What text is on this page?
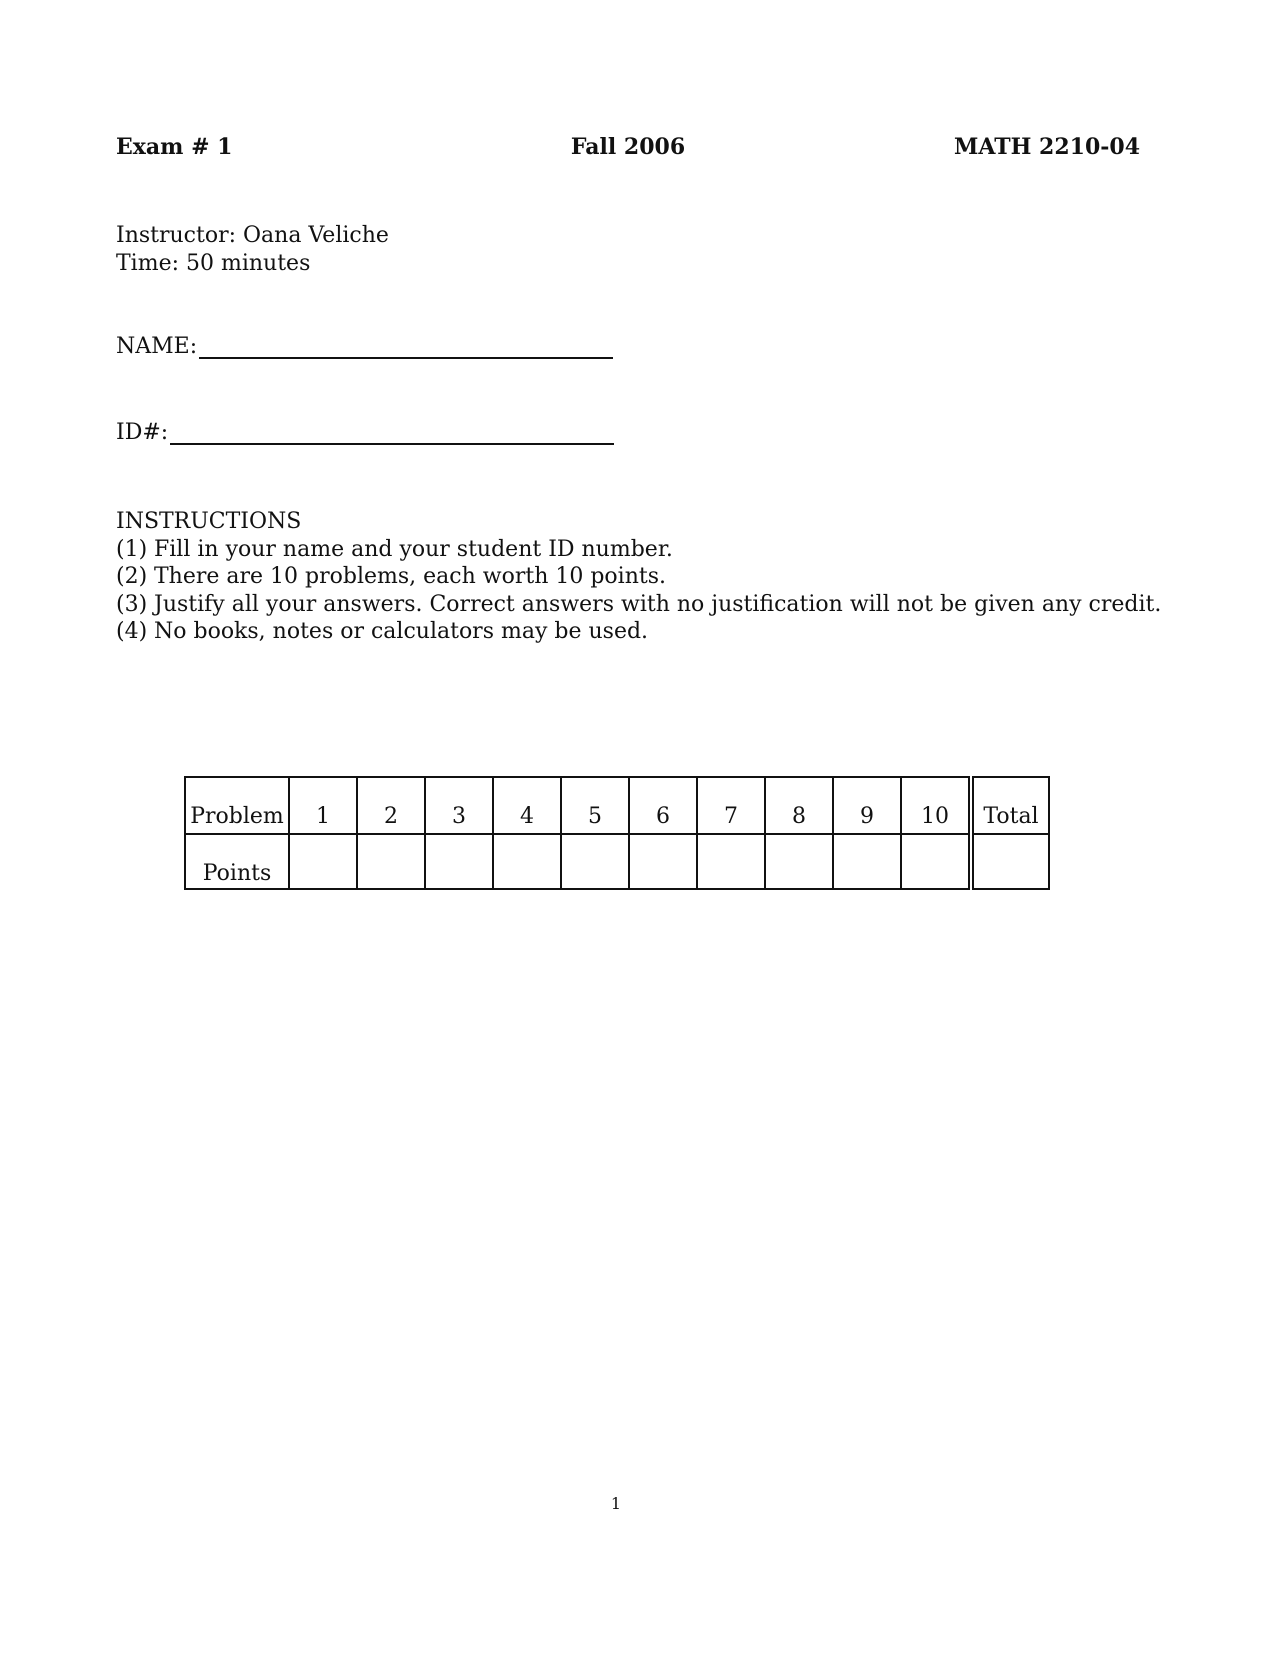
Exam # 1	Fall 2006	MATH 2210-04
Instructor: Oana Veliche
Time: 50 minutes
NAME:
ID#:
INSTRUCTIONS
(1) Fill in your name and your student ID number.
(2) There are 10 problems, each worth 10 points.
(3) Justify all your answers. Correct answers with no justification will not be given any credit.
(4) No books, notes or calculators may be used.
Problem	1	2	3	4	5	6	7	8	9	10	Total
Points											
1
